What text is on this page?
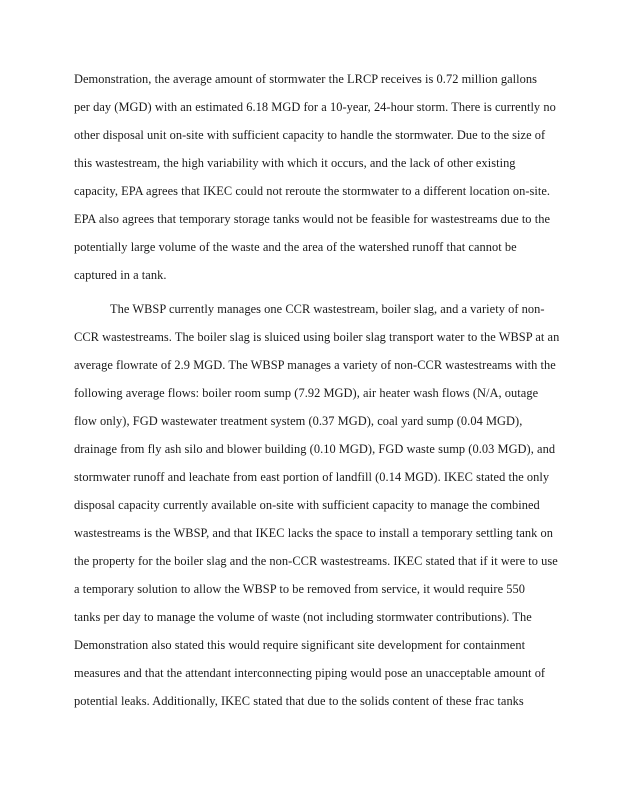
Demonstration, the average amount of stormwater the LRCP receives is 0.72 million gallons
per day (MGD) with an estimated 6.18 MGD for a 10-year, 24-hour storm. There is currently no
other disposal unit on-site with sufficient capacity to handle the stormwater. Due to the size of
this wastestream, the high variability with which it occurs, and the lack of other existing
capacity, EPA agrees that IKEC could not reroute the stormwater to a different location on-site.
EPA also agrees that temporary storage tanks would not be feasible for wastestreams due to the
potentially large volume of the waste and the area of the watershed runoff that cannot be
captured in a tank.
The WBSP currently manages one CCR wastestream, boiler slag, and a variety of non-
CCR wastestreams. The boiler slag is sluiced using boiler slag transport water to the WBSP at an
average flowrate of 2.9 MGD. The WBSP manages a variety of non-CCR wastestreams with the
following average flows: boiler room sump (7.92 MGD), air heater wash flows (N/A, outage
flow only), FGD wastewater treatment system (0.37 MGD), coal yard sump (0.04 MGD),
drainage from fly ash silo and blower building (0.10 MGD), FGD waste sump (0.03 MGD), and
stormwater runoff and leachate from east portion of landfill (0.14 MGD). IKEC stated the only
disposal capacity currently available on-site with sufficient capacity to manage the combined
wastestreams is the WBSP, and that IKEC lacks the space to install a temporary settling tank on
the property for the boiler slag and the non-CCR wastestreams. IKEC stated that if it were to use
a temporary solution to allow the WBSP to be removed from service, it would require 550
tanks per day to manage the volume of waste (not including stormwater contributions). The
Demonstration also stated this would require significant site development for containment
measures and that the attendant interconnecting piping would pose an unacceptable amount of
potential leaks. Additionally, IKEC stated that due to the solids content of these frac tanks
